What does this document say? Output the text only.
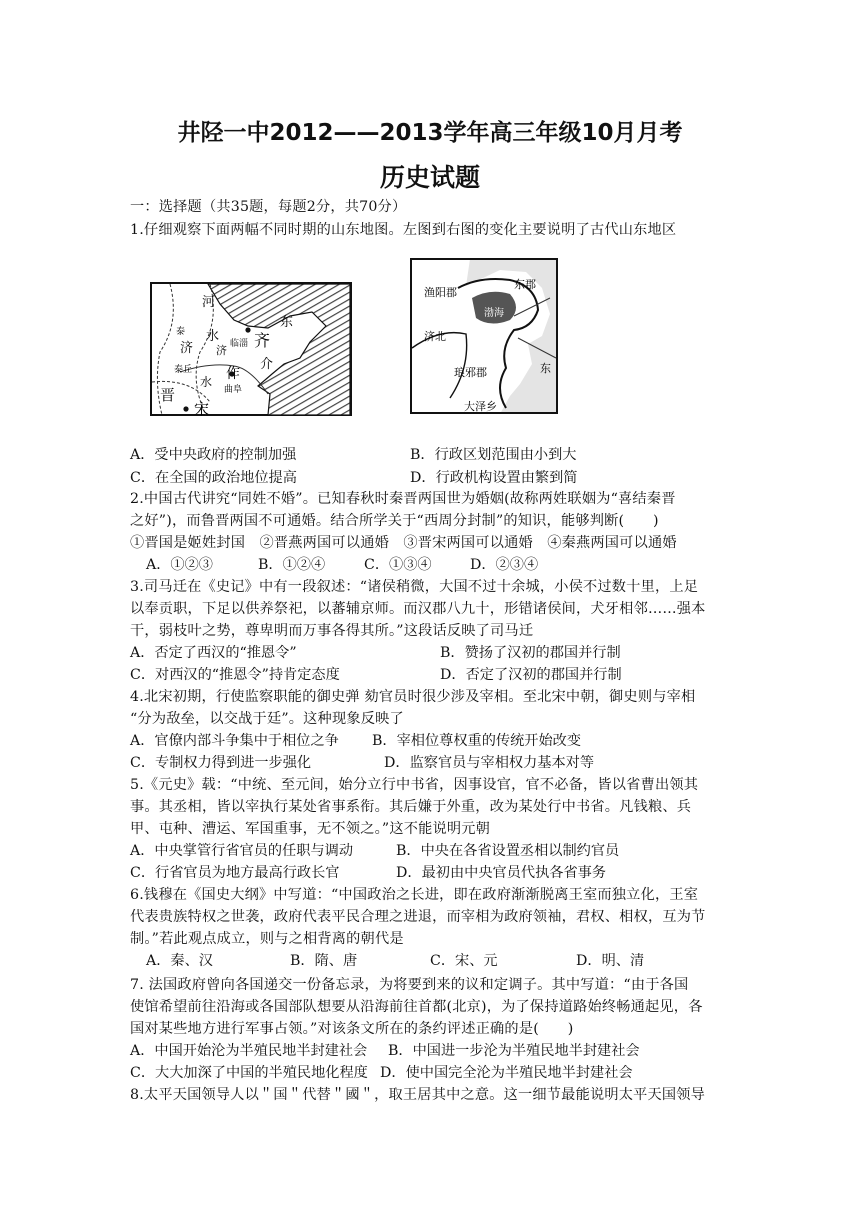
井陉一中2012——2013学年高三年级10月月考
历史试题
一：选择题（共35题，每题2分，共70分）
1.仔细观察下面两幅不同时期的山东地图。左图到右图的变化主要说明了古代山东地区
河
泰 水
泰丘
济 临淄 齐
东
介
水
济
作
曲阜
宋
晋
渔阳郡
东郡
渤海
济北
琅邪郡
大泽乡
东
A．受中央政府的控制加强	B．行政区划范围由小到大
C．在全国的政治地位提高	D．行政机构设置由繁到简
2.中国古代讲究“同姓不婚”。已知春秋时秦晋两国世为婚姻(故称两姓联姻为“喜结秦晋
之好”)，而鲁晋两国不可通婚。结合所学关于“西周分封制”的知识，能够判断(　　)
①晋国是姬姓封国　②晋燕两国可以通婚　③晋宋两国可以通婚　④秦燕两国可以通婚
A．①②③	B．①②④	C．①③④	D．②③④
3.司马迁在《史记》中有一段叙述：“诸侯稍微，大国不过十余城，小侯不过数十里，上足
以奉贡职，下足以供养祭祀，以蕃辅京师。而汉郡八九十，形错诸侯间，犬牙相邻……强本
干，弱枝叶之势，尊卑明而万事各得其所。”这段话反映了司马迁
A．否定了西汉的“推恩令”	B．赞扬了汉初的郡国并行制
C．对西汉的“推恩令”持肯定态度	D．否定了汉初的郡国并行制
4.北宋初期，行使监察职能的御史弹 劾官员时很少涉及宰相。至北宋中朝，御史则与宰相
“分为敌垒，以交战于廷”。这种现象反映了
A．官僚内部斗争集中于相位之争 B．宰相位尊权重的传统开始改变
C．专制权力得到进一步强化	D．监察官员与宰相权力基本对等
5.《元史》载：“中统、至元间，始分立行中书省，因事设官，官不必备，皆以省曹出领其
事。其丞相，皆以宰执行某处省事系衔。其后嫌于外重，改为某处行中书省。凡钱粮、兵
甲、屯种、漕运、军国重事，无不领之。”这不能说明元朝
A．中央掌管行省官员的任职与调动	B．中央在各省设置丞相以制约官员
C．行省官员为地方最高行政长官	D．最初由中央官员代执各省事务
6.钱穆在《国史大纲》中写道：“中国政治之长进，即在政府渐渐脱离王室而独立化，王室
代表贵族特权之世袭，政府代表平民合理之进退，而宰相为政府领袖，君权、相权，互为节
制。”若此观点成立，则与之相背离的朝代是
A．秦、汉	B．隋、唐	C．宋、元	D．明、清
7. 法国政府曾向各国递交一份备忘录，为将要到来的议和定调子。其中写道：“由于各国
使馆希望前往沿海或各国部队想要从沿海前往首都(北京)，为了保持道路始终畅通起见，各
国对某些地方进行军事占领。”对该条文所在的条约评述正确的是(　　)
A．中国开始沦为半殖民地半封建社会 B．中国进一步沦为半殖民地半封建社会
C．大大加深了中国的半殖民地化程度 D．使中国完全沦为半殖民地半封建社会
8.太平天国领导人以＂国＂代替＂國＂，取王居其中之意。这一细节最能说明太平天国领导
